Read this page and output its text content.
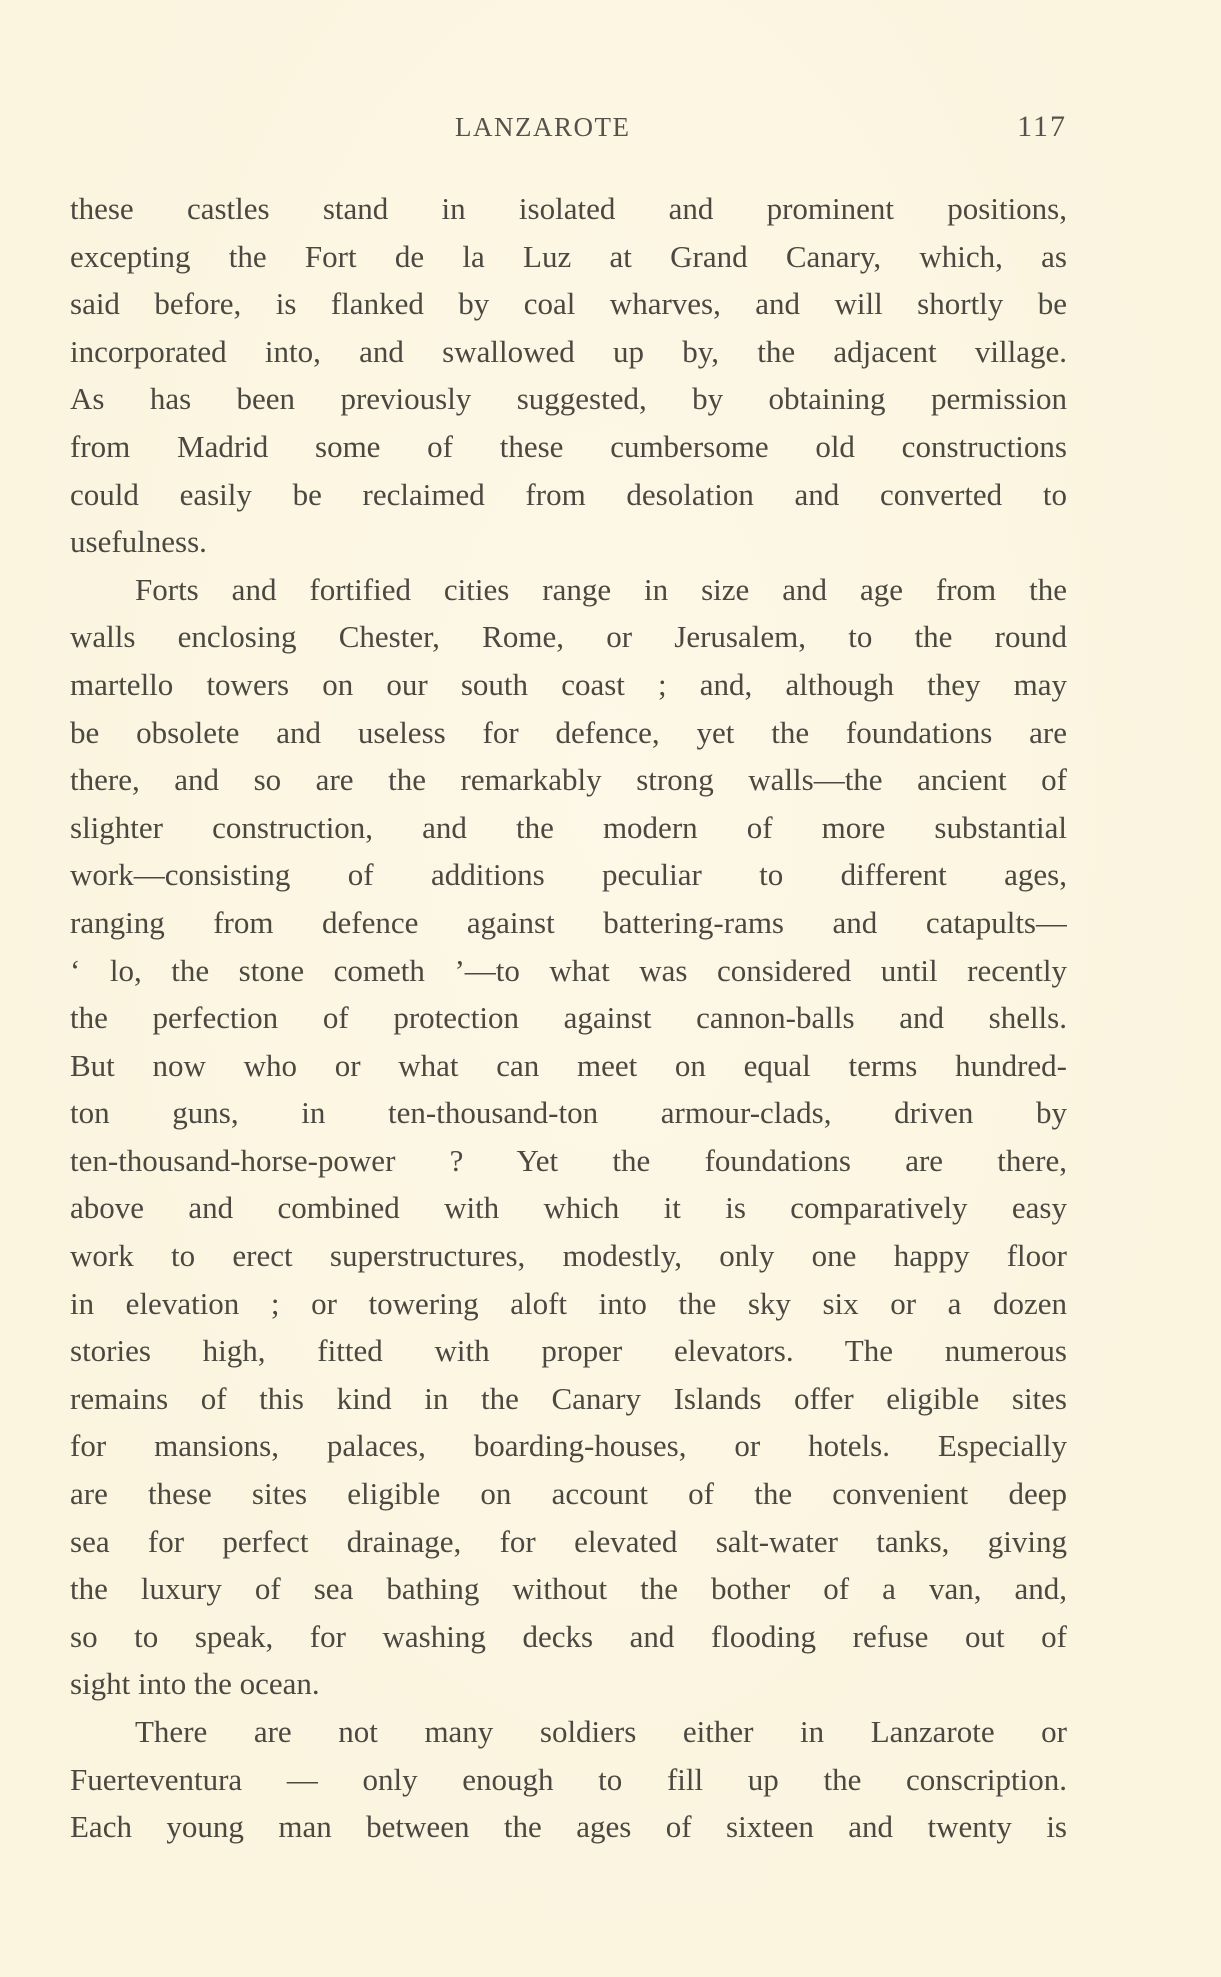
LANZAROTE	117
these castles stand in isolated and prominent positions,
excepting the Fort de la Luz at Grand Canary, which, as
said before, is flanked by coal wharves, and will shortly be
incorporated into, and swallowed up by, the adjacent village.
As has been previously suggested, by obtaining permission
from Madrid some of these cumbersome old constructions
could easily be reclaimed from desolation and converted to
usefulness.
Forts and fortified cities range in size and age from the
walls enclosing Chester, Rome, or Jerusalem, to the round
martello towers on our south coast ; and, although they may
be obsolete and useless for defence, yet the foundations are
there, and so are the remarkably strong walls—the ancient of
slighter construction, and the modern of more substantial
work—consisting of additions peculiar to different ages,
ranging from defence against battering-rams and catapults—
‘ lo, the stone cometh ’—to what was considered until recently
the perfection of protection against cannon-balls and shells.
But now who or what can meet on equal terms hundred-
ton guns, in ten-thousand-ton armour-clads, driven by
ten-thousand-horse-power ? Yet the foundations are there,
above and combined with which it is comparatively easy
work to erect superstructures, modestly, only one happy floor
in elevation ; or towering aloft into the sky six or a dozen
stories high, fitted with proper elevators. The numerous
remains of this kind in the Canary Islands offer eligible sites
for mansions, palaces, boarding-houses, or hotels. Especially
are these sites eligible on account of the convenient deep
sea for perfect drainage, for elevated salt-water tanks, giving
the luxury of sea bathing without the bother of a van, and,
so to speak, for washing decks and flooding refuse out of
sight into the ocean.
There are not many soldiers either in Lanzarote or
Fuerteventura — only enough to fill up the conscription.
Each young man between the ages of sixteen and twenty is
